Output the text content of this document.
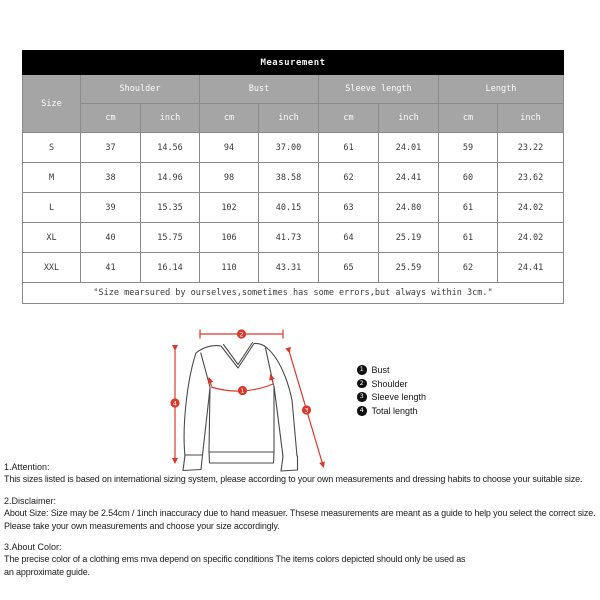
Measurement								
Size	Shoulder		Bust		Sleeve length		Length	
	cm	inch	cm	inch	cm	inch	cm	inch
S	37	14.56	94	37.00	61	24.01	59	23.22
M	38	14.96	98	38.58	62	24.41	60	23.62
L	39	15.35	102	40.15	63	24.80	61	24.02
XL	40	15.75	106	41.73	64	25.19	61	24.02
XXL	41	16.14	110	43.31	65	25.59	62	24.41
"Size mearsured by ourselves,sometimes has some errors,but always within 3cm."								
2
4
1
3
1 Bust
2 Shoulder
3 Sleeve length
4 Total length
1.Attention:
This sizes listed is based on international sizing system, please according to your own measurements and dressing habits to choose your suitable size.
2.Disclaimer:
About Size: Size may be 2.54cm / 1inch inaccuracy due to hand measuer. Thsese measurements are meant as a guide to help you select the correct size.
Please take your own measurements and choose your size accordingly.
3.About Color:
The precise color of a clothing ems mva depend on specific conditions The items colors depicted should only be used as
an approximate guide.
